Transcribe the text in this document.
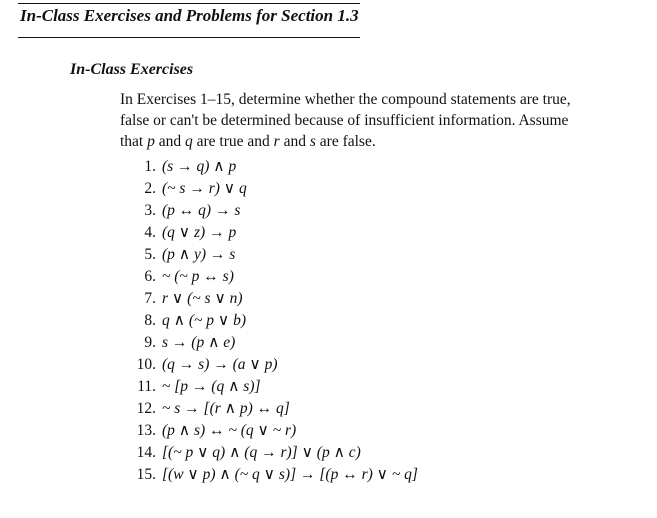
In-Class Exercises and Problems for Section 1.3
In-Class Exercises

In Exercises 1–15, determine whether the compound statements are true, false or can't be determined because of insufficient information. Assume that p and q are true and r and s are false.

1. (s → q) ∧ p
2. (~ s → r) ∨ q
3. (p ↔ q) → s
4. (q ∨ z) → p
5. (p ∧ y) → s
6. ~ (~ p ↔ s)
7. r ∨ (~ s ∨ n)
8. q ∧ (~ p ∨ b)
9. s → (p ∧ e)
10. (q → s) → (a ∨ p)
11. ~ [p → (q ∧ s)]
12. ~ s → [(r ∧ p) ↔ q]
13. (p ∧ s) ↔ ~ (q ∨ ~ r)
14. [(~ p ∨ q) ∧ (q → r)] ∨ (p ∧ c)
15. [(w ∨ p) ∧ (~ q ∨ s)] → [(p ↔ r) ∨ ~ q]
